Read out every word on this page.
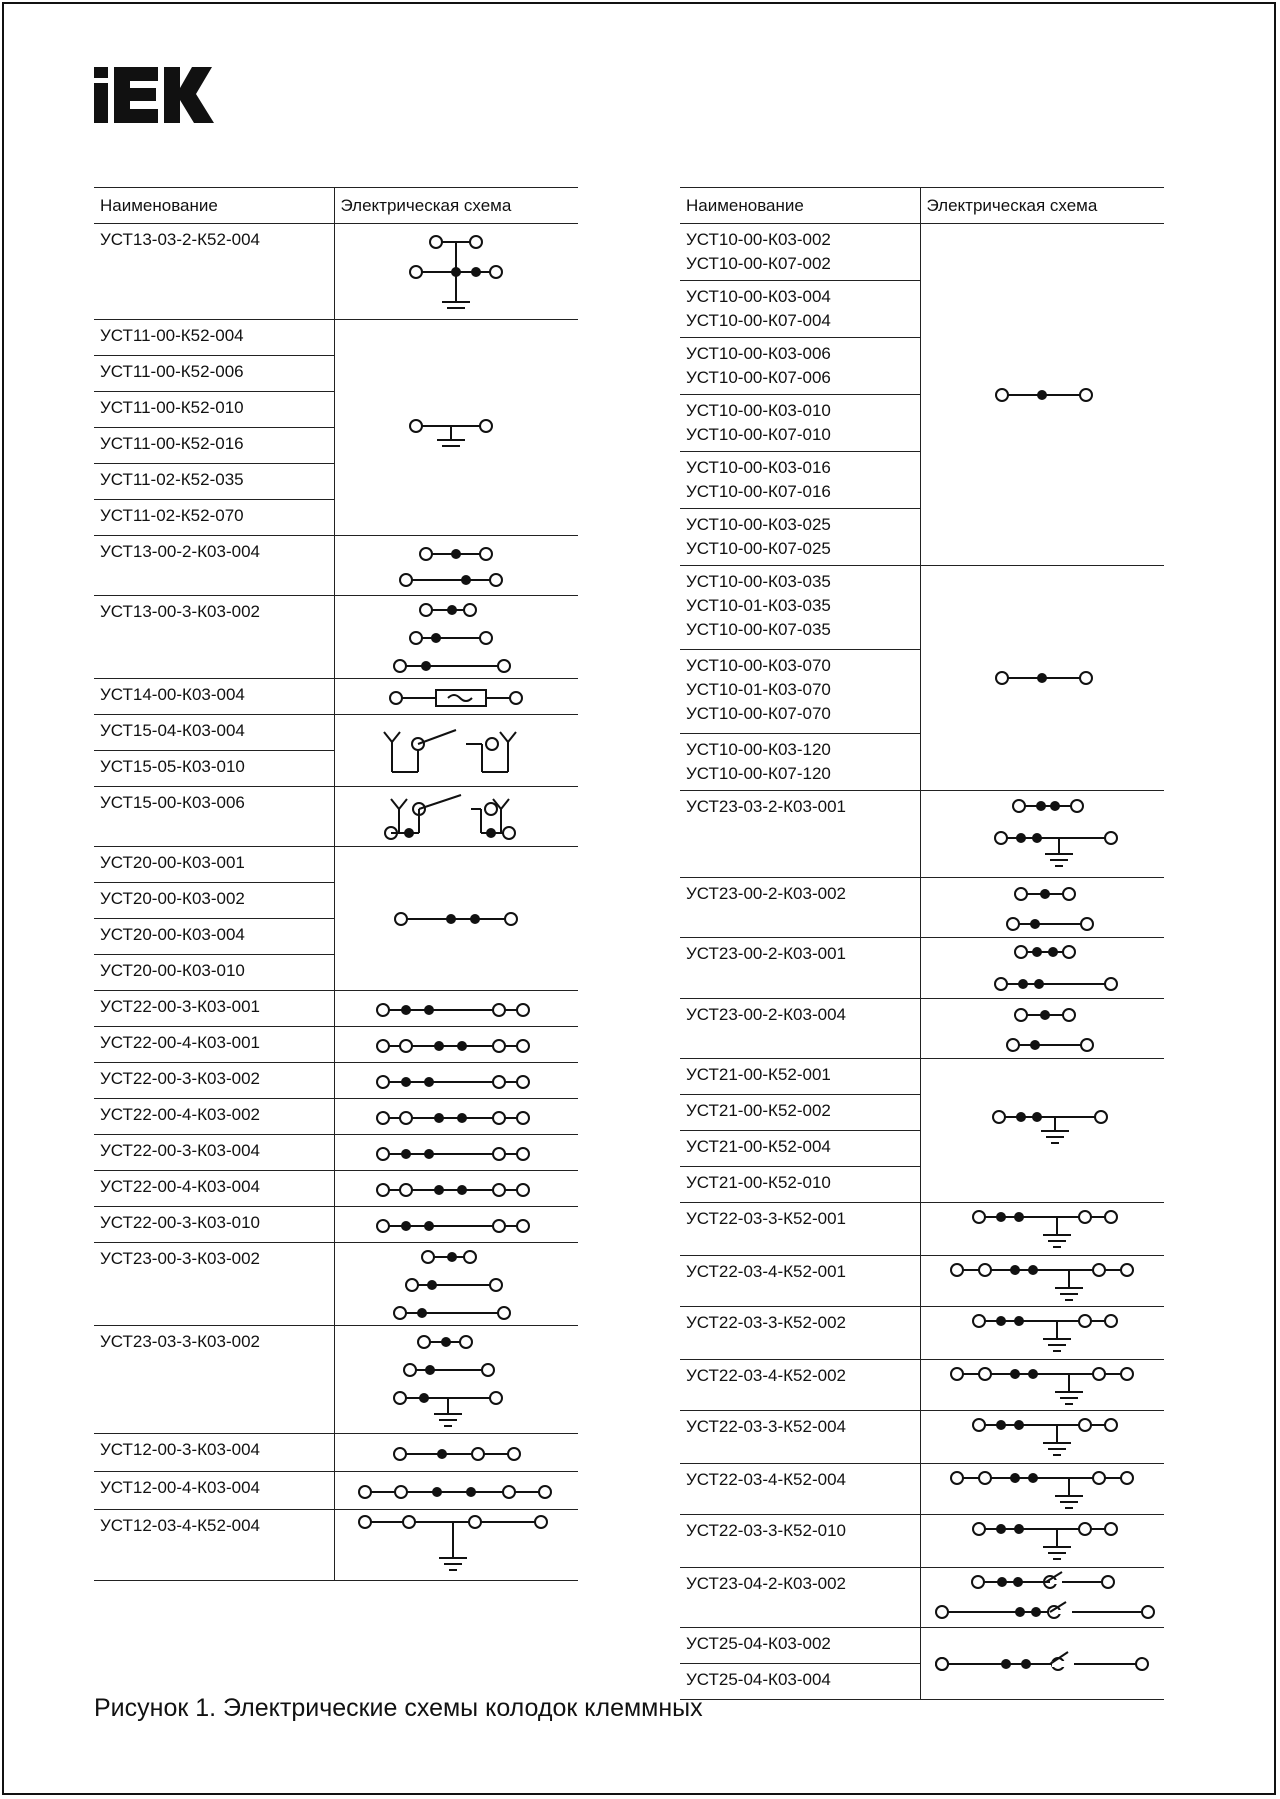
Наименование	Электрическая схема
УСТ13-03-2-К52-004	

УСТ11-00-К52-004	

УСТ11-00-К52-006	
УСТ11-00-К52-010	
УСТ11-00-К52-016	
УСТ11-02-К52-035	
УСТ11-02-К52-070	
УСТ13-00-2-К03-004	

УСТ13-00-3-К03-002	

УСТ14-00-К03-004	

УСТ15-04-К03-004	

УСТ15-05-К03-010	
УСТ15-00-К03-006	

УСТ20-00-К03-001	

УСТ20-00-К03-002	
УСТ20-00-К03-004	
УСТ20-00-К03-010	
УСТ22-00-3-К03-001	

УСТ22-00-4-К03-001	

УСТ22-00-3-К03-002	

УСТ22-00-4-К03-002	

УСТ22-00-3-К03-004	

УСТ22-00-4-К03-004	

УСТ22-00-3-К03-010	

УСТ23-00-3-К03-002	

УСТ23-03-3-К03-002	

УСТ12-00-3-К03-004	

УСТ12-00-4-К03-004	

УСТ12-03-4-К52-004	
Наименование	Электрическая схема
УСТ10-00-К03-002
УСТ10-00-К07-002	

УСТ10-00-К03-004
УСТ10-00-К07-004	
УСТ10-00-К03-006
УСТ10-00-К07-006	
УСТ10-00-К03-010
УСТ10-00-К07-010	
УСТ10-00-К03-016
УСТ10-00-К07-016	
УСТ10-00-К03-025
УСТ10-00-К07-025	
УСТ10-00-К03-035
УСТ10-01-К03-035
УСТ10-00-К07-035	

УСТ10-00-К03-070
УСТ10-01-К03-070
УСТ10-00-К07-070	
УСТ10-00-К03-120
УСТ10-00-К07-120	
УСТ23-03-2-К03-001	

УСТ23-00-2-К03-002	

УСТ23-00-2-К03-001	

УСТ23-00-2-К03-004	

УСТ21-00-К52-001	

УСТ21-00-К52-002	
УСТ21-00-К52-004	
УСТ21-00-К52-010	
УСТ22-03-3-К52-001	

УСТ22-03-4-К52-001	

УСТ22-03-3-К52-002	

УСТ22-03-4-К52-002	

УСТ22-03-3-К52-004	

УСТ22-03-4-К52-004	

УСТ22-03-3-К52-010	

УСТ23-04-2-К03-002	

УСТ25-04-К03-002	

УСТ25-04-К03-004	
Рисунок 1. Электрические схемы колодок клеммных
